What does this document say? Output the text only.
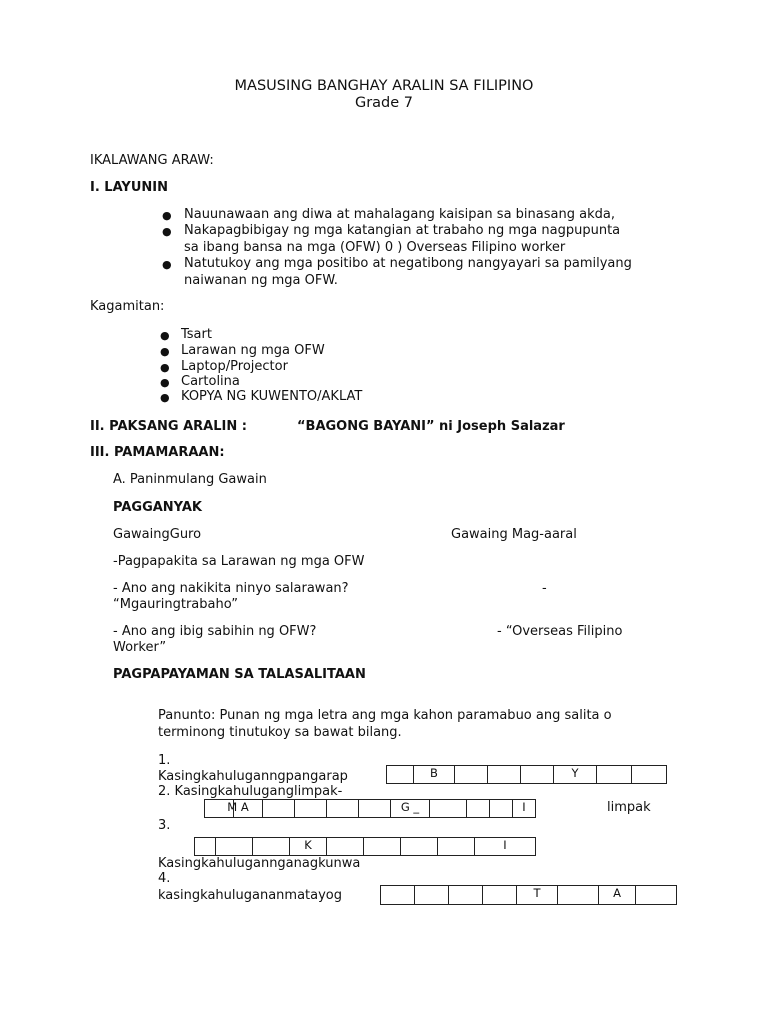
MASUSING BANGHAY ARALIN SA FILIPINO
Grade 7
IKALAWANG ARAW:
I. LAYUNIN
● Nauunawaan ang diwa at mahalagang kaisipan sa binasang akda,
● Nakapagbibigay ng mga katangian at trabaho ng mga nagpupunta
sa ibang bansa na mga (OFW) 0 ) Overseas Filipino worker
● Natutukoy ang mga positibo at negatibong nangyayari sa pamilyang
naiwanan ng mga OFW.
Kagamitan:
● Tsart
● Larawan ng mga OFW
● Laptop/Projector
● Cartolina
● KOPYA NG KUWENTO/AKLAT
II. PAKSANG ARALIN :	“BAGONG BAYANI” ni Joseph Salazar
III. PAMAMARAAN:
A. Paninmulang Gawain
PAGGANYAK
GawaingGuro	Gawaing Mag-aaral
-Pagpapakita sa Larawan ng mga OFW
- Ano ang nakikita ninyo salarawan?	-
“Mgauringtrabaho”
- Ano ang ibig sabihin ng OFW?	- “Overseas Filipino
Worker”
PAGPAPAYAMAN SA TALASALITAAN
Panunto: Punan ng mga letra ang mga kahon paramabuo ang salita o
terminong tinutukoy sa bawat bilang.
1.
Kasingkahuluganngpangarap	B	Y
2. Kasingkahuluganglimpak-
M A	G _	I	limpak
3.
K	I
Kasingkahulugannganagkunwa
4.
kasingkahulugananmatayog	T	A
